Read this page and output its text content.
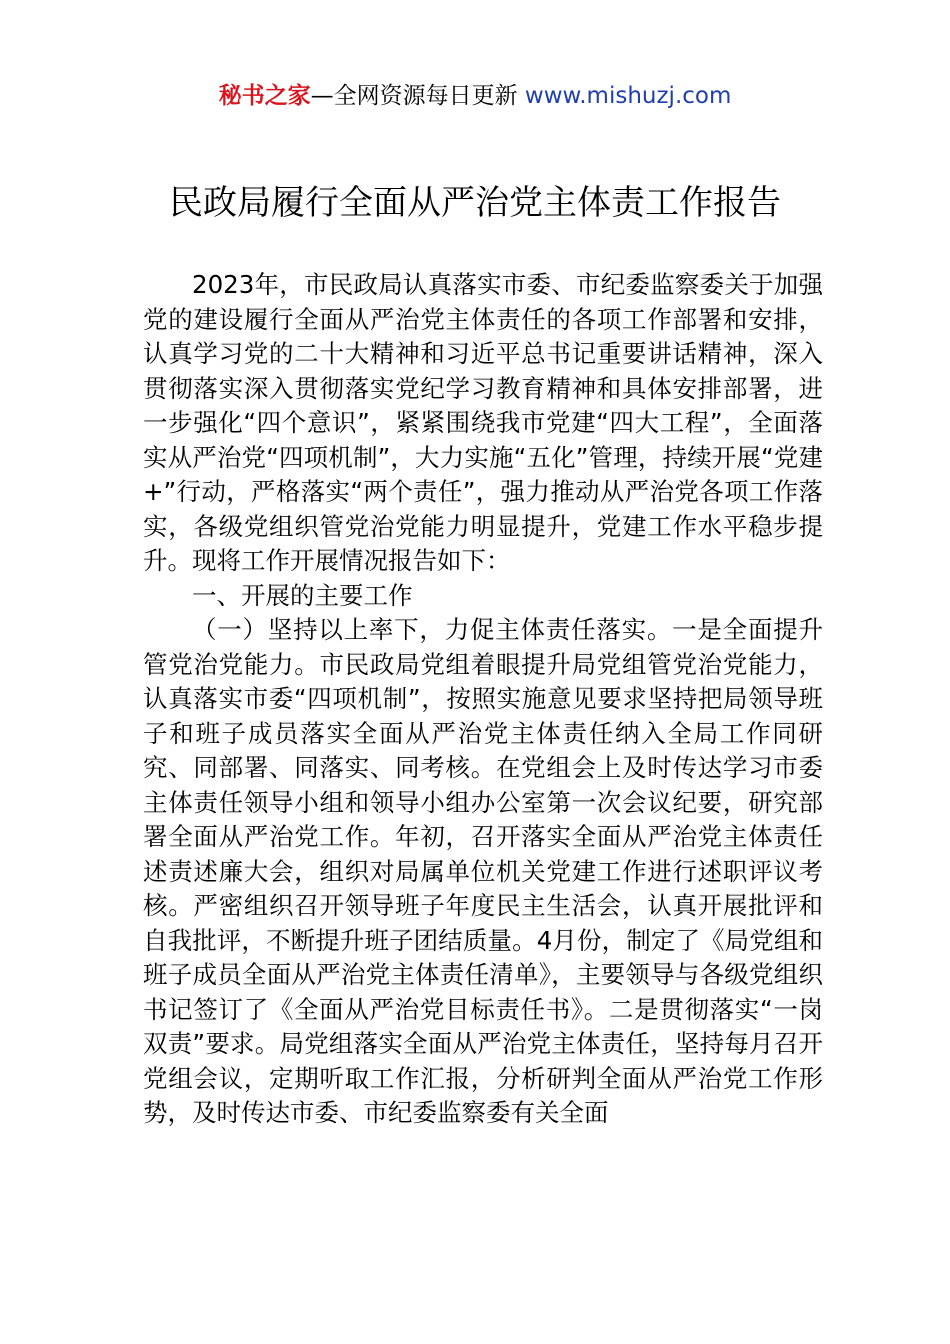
秘书之家—全网资源每日更新 www.mishuzj.com
民政局履行全面从严治党主体责工作报告

2023年，市民政局认真落实市委、市纪委监察委关于加强党的建设履行全面从严治党主体责任的各项工作部署和安排，认真学习党的二十大精神和习近平总书记重要讲话精神，深入贯彻落实深入贯彻落实党纪学习教育精神和具体安排部署，进一步强化“四个意识”，紧紧围绕我市党建“四大工程”，全面落实从严治党“四项机制”，大力实施“五化”管理，持续开展“党建+”行动，严格落实“两个责任”，强力推动从严治党各项工作落实，各级党组织管党治党能力明显提升，党建工作水平稳步提升。现将工作开展情况报告如下：

一、开展的主要工作

（一）坚持以上率下，力促主体责任落实。一是全面提升管党治党能力。市民政局党组着眼提升局党组管党治党能力，认真落实市委“四项机制”，按照实施意见要求坚持把局领导班子和班子成员落实全面从严治党主体责任纳入全局工作同研究、同部署、同落实、同考核。在党组会上及时传达学习市委主体责任领导小组和领导小组办公室第一次会议纪要，研究部署全面从严治党工作。年初，召开落实全面从严治党主体责任述责述廉大会，组织对局属单位机关党建工作进行述职评议考核。严密组织召开领导班子年度民主生活会，认真开展批评和自我批评，不断提升班子团结质量。4月份，制定了《局党组和班子成员全面从严治党主体责任清单》，主要领导与各级党组织书记签订了《全面从严治党目标责任书》。二是贯彻落实“一岗双责”要求。局党组落实全面从严治党主体责任，坚持每月召开党组会议，定期听取工作汇报，分析研判全面从严治党工作形势，及时传达市委、市纪委监察委有关全面
